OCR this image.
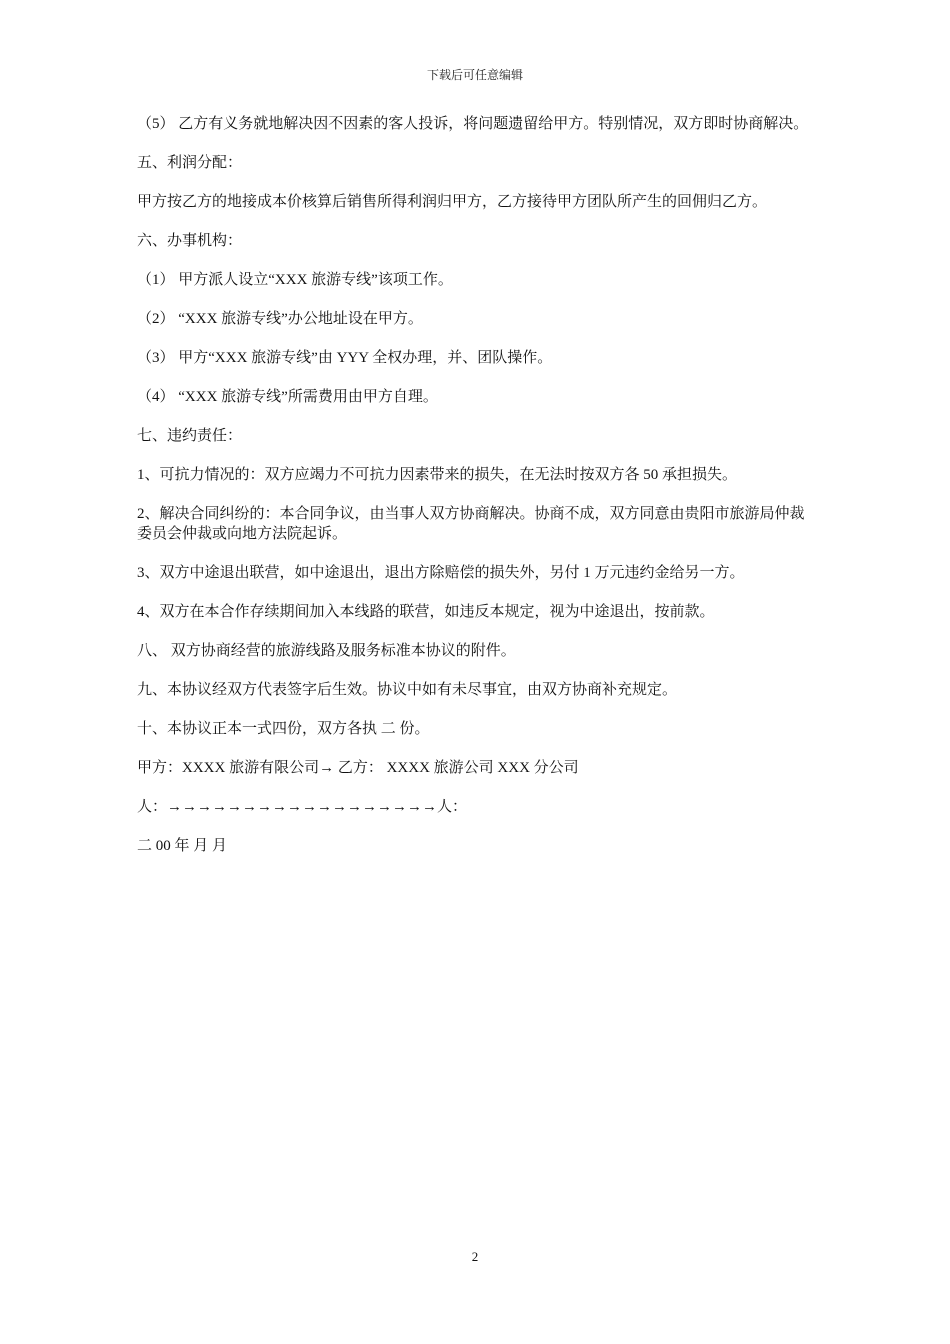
下载后可任意编辑

（5） 乙方有义务就地解决因不因素的客人投诉，将问题遗留给甲方。特别情况，双方即时协商解决。

五、利润分配：

甲方按乙方的地接成本价核算后销售所得利润归甲方，乙方接待甲方团队所产生的回佣归乙方。

六、办事机构：

（1） 甲方派人设立“XXX 旅游专线”该项工作。

（2） “XXX 旅游专线”办公地址设在甲方。

（3） 甲方“XXX 旅游专线”由 YYY 全权办理，并、团队操作。

（4） “XXX 旅游专线”所需费用由甲方自理。

七、违约责任：

1、可抗力情况的：双方应竭力不可抗力因素带来的损失，在无法时按双方各 50 承担损失。

2、解决合同纠纷的：本合同争议，由当事人双方协商解决。协商不成，双方同意由贵阳市旅游局仲裁委员会仲裁或向地方法院起诉。

3、双方中途退出联营，如中途退出，退出方除赔偿的损失外，另付 1 万元违约金给另一方。

4、双方在本合作存续期间加入本线路的联营，如违反本规定，视为中途退出，按前款。

八、 双方协商经营的旅游线路及服务标准本协议的附件。

九、本协议经双方代表签字后生效。协议中如有未尽事宜，由双方协商补充规定。

十、本协议正本一式四份，双方各执 二 份。

甲方：XXXX 旅游有限公司→ 乙方： XXXX 旅游公司 XXX 分公司

人：→→→→→→→→→→→→→→→→→→人：

二 00 年 月 月

2
